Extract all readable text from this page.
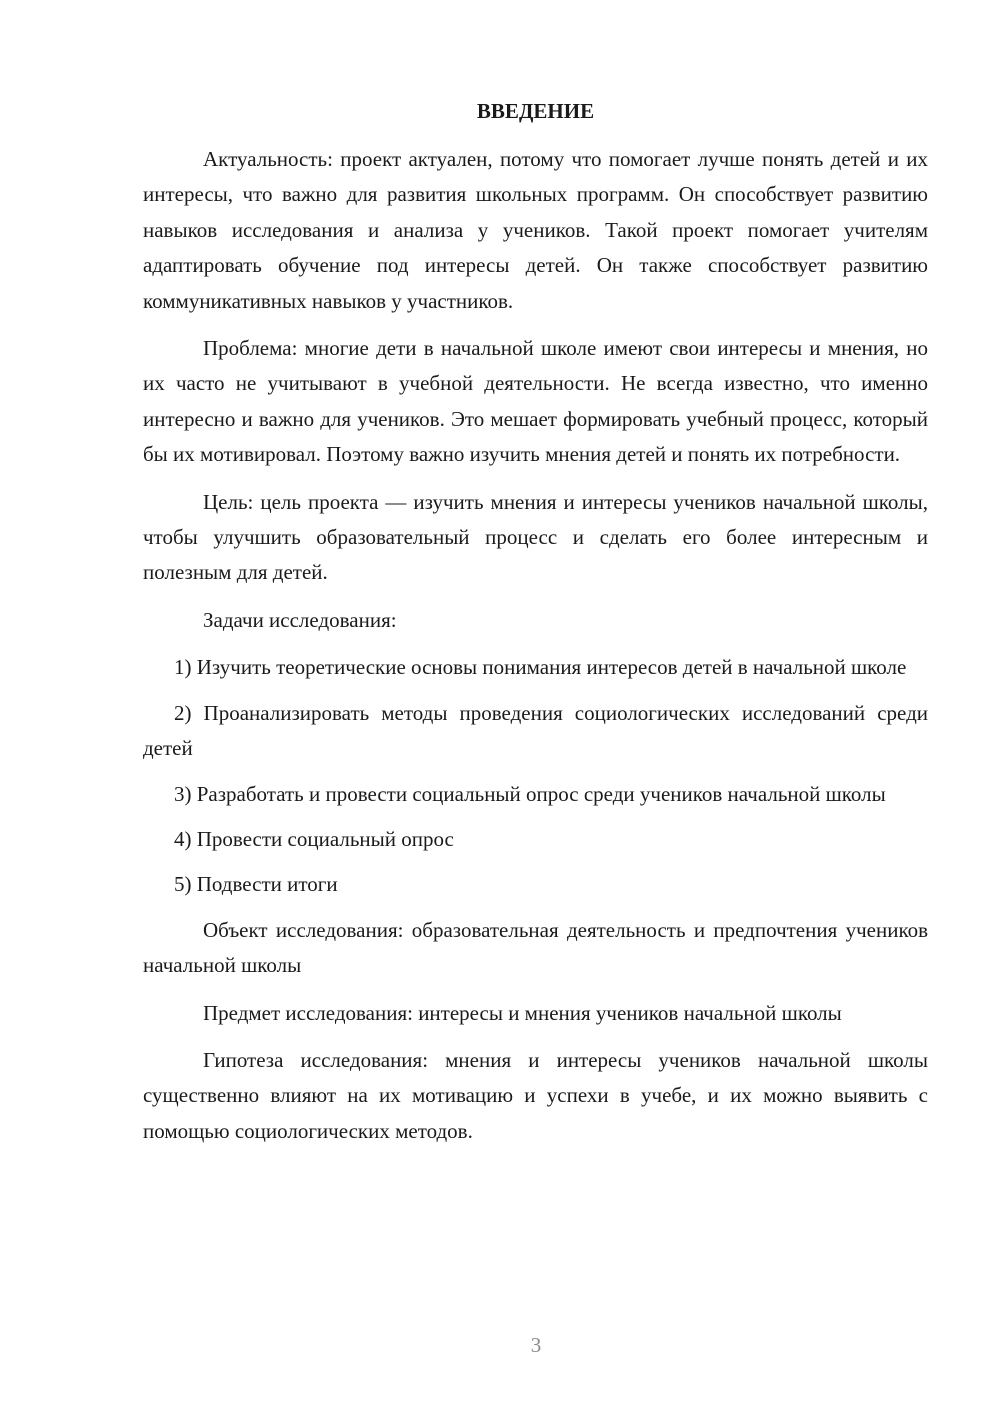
ВВЕДЕНИЕ

Актуальность: проект актуален, потому что помогает лучше понять детей и их интересы, что важно для развития школьных программ. Он способствует развитию навыков исследования и анализа у учеников. Такой проект помогает учителям адаптировать обучение под интересы детей. Он также способствует развитию коммуникативных навыков у участников.

Проблема: многие дети в начальной школе имеют свои интересы и мнения, но их часто не учитывают в учебной деятельности. Не всегда известно, что именно интересно и важно для учеников. Это мешает формировать учебный процесс, который бы их мотивировал. Поэтому важно изучить мнения детей и понять их потребности.

Цель: цель проекта — изучить мнения и интересы учеников начальной школы, чтобы улучшить образовательный процесс и сделать его более интересным и полезным для детей.

Задачи исследования:

1) Изучить теоретические основы понимания интересов детей в начальной школе

2) Проанализировать методы проведения социологических исследований среди детей

3) Разработать и провести социальный опрос среди учеников начальной школы

4) Провести социальный опрос

5) Подвести итоги

Объект исследования: образовательная деятельность и предпочтения учеников начальной школы

Предмет исследования: интересы и мнения учеников начальной школы

Гипотеза исследования: мнения и интересы учеников начальной школы существенно влияют на их мотивацию и успехи в учебе, и их можно выявить с помощью социологических методов.

3
